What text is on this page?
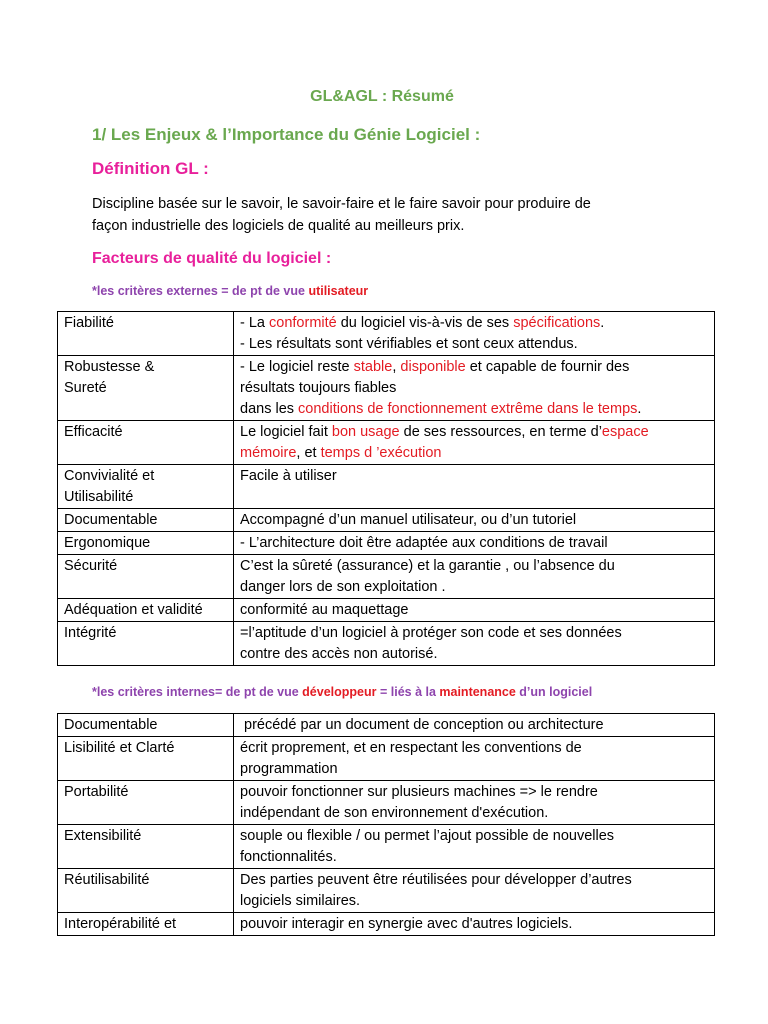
GL&AGL : Résumé
1/ Les Enjeux & l’Importance du Génie Logiciel :
Définition GL :
Discipline basée sur le savoir, le savoir-faire et le faire savoir pour produire de
façon industrielle des logiciels de qualité au meilleurs prix.
Facteurs de qualité du logiciel :
*les critères externes = de pt de vue utilisateur
Fiabilité	- La conformité du logiciel vis-à-vis de ses spécifications.
- Les résultats sont vérifiables et sont ceux attendus.
Robustesse &
Sureté	- Le logiciel reste stable, disponible et capable de fournir des
résultats toujours fiables
dans les conditions de fonctionnement extrême dans le temps.
Efficacité	Le logiciel fait bon usage de ses ressources, en terme d’espace
mémoire, et temps d ’exécution
Convivialité et
Utilisabilité	Facile à utiliser
Documentable	Accompagné d’un manuel utilisateur, ou d’un tutoriel
Ergonomique	- L’architecture doit être adaptée aux conditions de travail
Sécurité	C’est la sûreté (assurance) et la garantie , ou l’absence du
danger lors de son exploitation .
Adéquation et validité	conformité au maquettage
Intégrité	=l’aptitude d’un logiciel à protéger son code et ses données
contre des accès non autorisé.
*les critères internes= de pt de vue développeur = liés à la maintenance d’un logiciel
Documentable	précédé par un document de conception ou architecture
Lisibilité et Clarté	écrit proprement, et en respectant les conventions de
programmation
Portabilité	pouvoir fonctionner sur plusieurs machines => le rendre
indépendant de son environnement d'exécution.
Extensibilité	souple ou flexible / ou permet l’ajout possible de nouvelles
fonctionnalités.
Réutilisabilité	Des parties peuvent être réutilisées pour développer d’autres
logiciels similaires.
Interopérabilité et	pouvoir interagir en synergie avec d'autres logiciels.
